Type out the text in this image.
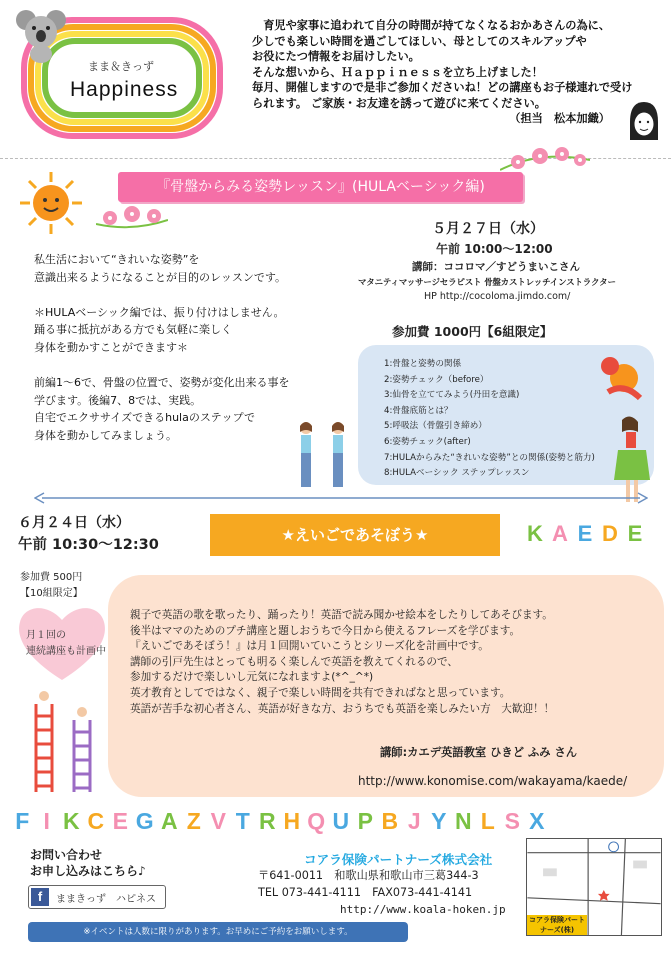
まま＆きっず
Happiness

　育児や家事に追われて自分の時間が持てなくなるおかあさんの為に、

少しでも楽しい時間を過ごしてほしい、母としてのスキルアップや

お役にたつ情報をお届けしたい。

そんな想いから、Ｈａｐｐｉｎｅｓｓを立ち上げました！

毎月、開催しますので是非ご参加くださいね！どの講座もお子様連れで受け

られます。 ご家族・お友達を誘って遊びに来てください。

（担当　松本加織）

『骨盤からみる姿勢レッスン』(HULAベーシック編)
５月２７日（水）
午前 10:00～12:00
講師：ココロマ／すどうまいこさん
マタニティマッサージセラピスト 骨盤カストレッチインストラクター
HP http://cocoloma.jimdo.com/
参加費 1000円【6組限定】

私生活において“きれいな姿勢”を

意識出来るようになることが目的のレッスンです。

＊HULAベーシック編では、振り付けはしません。

踊る事に抵抗がある方でも気軽に楽しく

身体を動かすことができます＊

前編1～6で、骨盤の位置で、姿勢が変化出来る事を

学びます。後編7、8では、実践。

自宅でエクササイズできるhulaのステップで

身体を動かしてみましょう。

1:骨盤と姿勢の関係
2:姿勢チェック（before）
3:仙骨を立ててみよう(丹田を意識)
4:骨盤底筋とは？
5:呼吸法（骨盤引き締め）
6:姿勢チェック(after)
7:HULAからみた“きれいな姿勢”との関係(姿勢と筋力)
8:HULAベーシック ステップレッスン
６月２４日（水）
午前 10:30～12:30
★えいごであそぼう★	K A E D E
参加費 500円
【10組限定】
月１回の
連続講座も計画中

親子で英語の歌を歌ったり、踊ったり！英語で読み聞かせ絵本をしたりしてあそびます。

後半はママのためのプチ講座と題しおうちで今日から使えるフレーズを学びます。

『えいごであそぼう！』は月１回開いていこうとシリーズ化を計画中です。

講師の引戸先生はとっても明るく楽しんで英語を教えてくれるので、

参加するだけで楽しいし元気になれますよ(*^_^*)

英才教育としてではなく、親子で楽しい時間を共有できればなと思っています。

英語が苦手な初心者さん、英語が好きな方、おうちでも英語を楽しみたい方　大歓迎！！

講師:カエデ英語教室 ひきど ふみ さん
http://www.konomise.com/wakayama/kaede/
F I K C E G A Z V T R H Q U P B J Y N L S X
お問い合わせ
お申し込みはこちら♪
f	ままきっず　ハピネス
コアラ保険パートナーズ株式会社
〒641-0011　和歌山県和歌山市三葛344-3
TEL 073-441-4111　FAX073-441-4141
http://www.koala-hoken.jp
コアラ保険パートナーズ(株)
※イベントは人数に限りがあります。お早めにご予約をお願いします。
